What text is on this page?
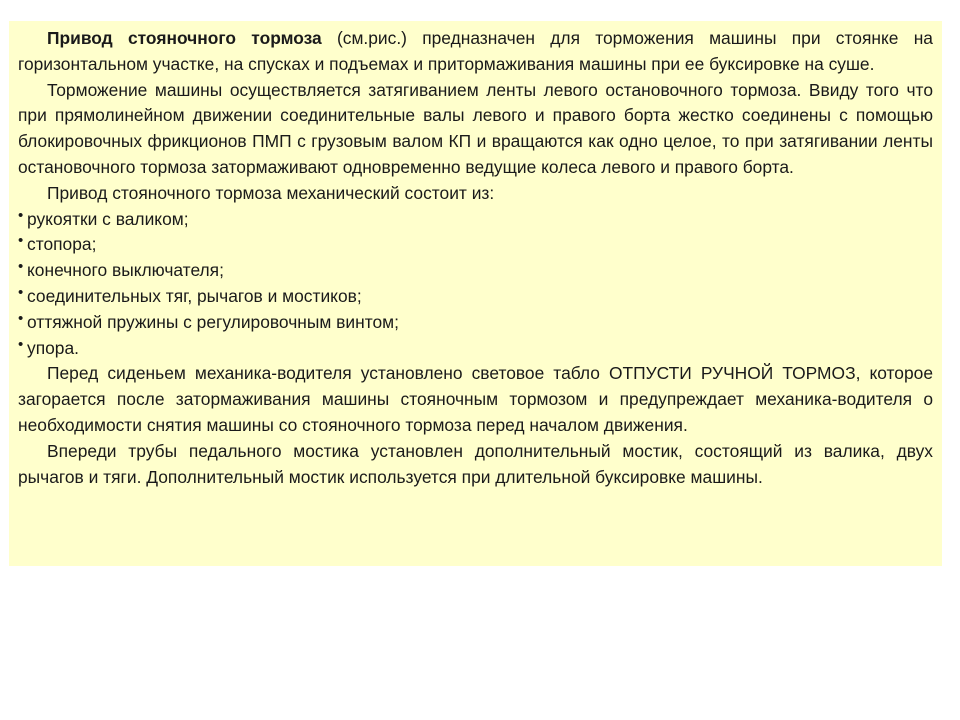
Привод стояночного тормоза (см.рис.) предназначен для торможения машины при стоянке на горизонтальном участке, на спусках и подъемах и притормаживания машины при ее буксировке на суше.

Торможение машины осуществляется затягиванием ленты левого остановочного тормоза. Ввиду того что при прямолинейном движении соединительные валы левого и правого борта жестко соединены с помощью блокировочных фрикционов ПМП с грузовым валом КП и вращаются как одно целое, то при затягивании ленты остановочного тормоза затормаживают одновременно ведущие колеса левого и правого борта.

Привод стояночного тормоза механический состоит из:

• рукоятки с валиком;
• стопора;
• конечного выключателя;
• соединительных тяг, рычагов и мостиков;
• оттяжной пружины с регулировочным винтом;
• упора.

Перед сиденьем механика-водителя установлено световое табло ОТПУСТИ РУЧНОЙ ТОРМОЗ, которое загорается после затормаживания машины стояночным тормозом и предупреждает механика-водителя о необходимости снятия машины со стояночного тормоза перед началом движения.

Впереди трубы педального мостика установлен дополнительный мостик, состоящий из валика, двух рычагов и тяги. Дополнительный мостик используется при длительной буксировке машины.
